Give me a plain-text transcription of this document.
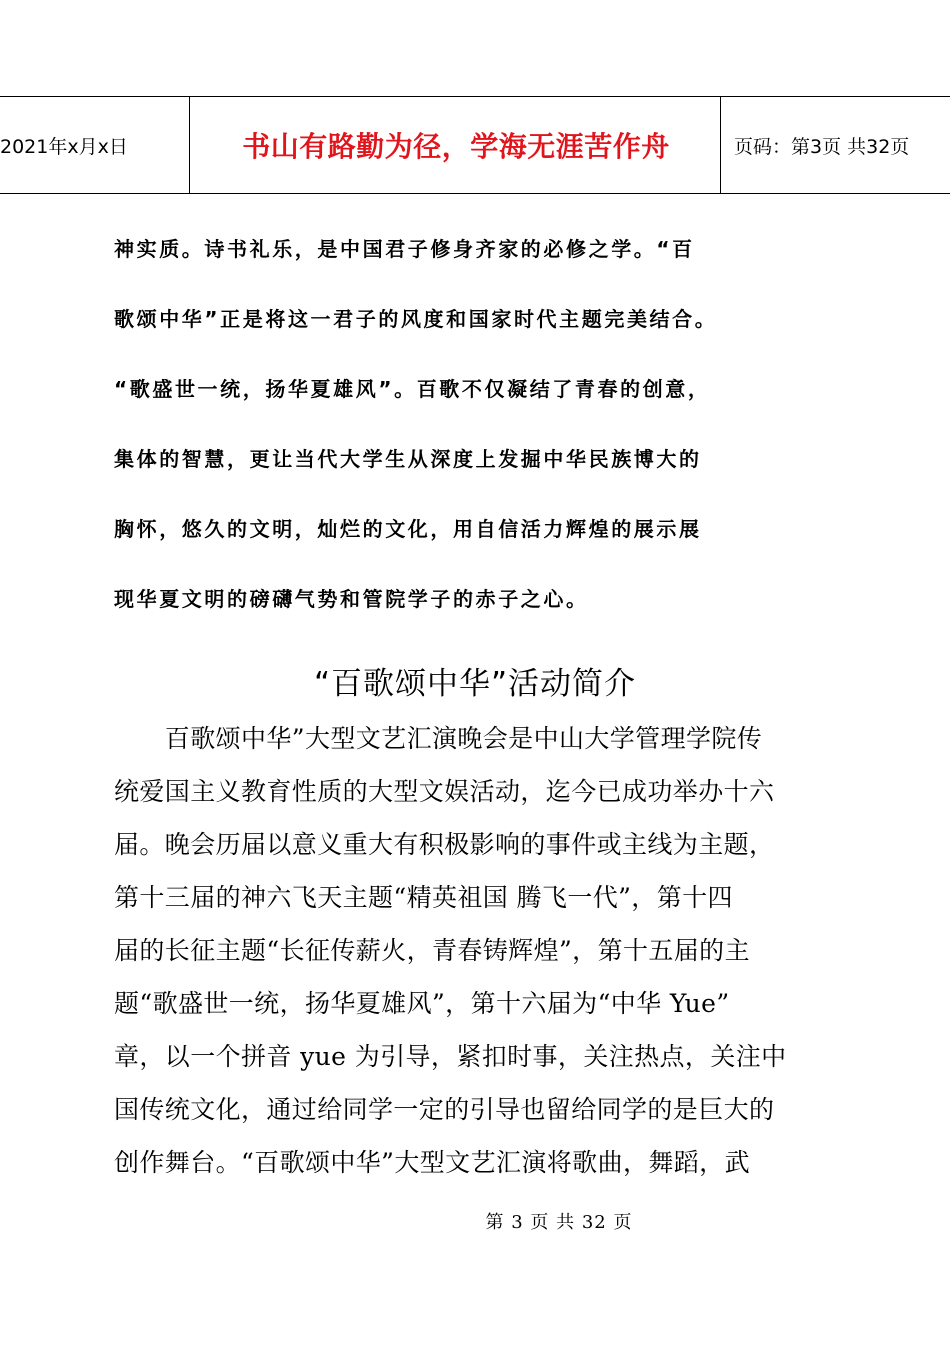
2021年x月x日	书山有路勤为径，学海无涯苦作舟	页码：第3页 共32页
神实质。诗书礼乐，是中国君子修身齐家的必修之学。“百
歌颂中华”正是将这一君子的风度和国家时代主题完美结合。
“歌盛世一统，扬华夏雄风”。百歌不仅凝结了青春的创意，
集体的智慧，更让当代大学生从深度上发掘中华民族博大的
胸怀，悠久的文明，灿烂的文化，用自信活力辉煌的展示展
现华夏文明的磅礴气势和管院学子的赤子之心。
“百歌颂中华”活动简介
　　百歌颂中华”大型文艺汇演晚会是中山大学管理学院传
统爱国主义教育性质的大型文娱活动，迄今已成功举办十六
届。晚会历届以意义重大有积极影响的事件或主线为主题，
第十三届的神六飞天主题“精英祖国 腾飞一代”，第十四
届的长征主题“长征传薪火，青春铸辉煌”，第十五届的主
题“歌盛世一统，扬华夏雄风”，第十六届为“中华 Yue”
章，以一个拼音 yue 为引导，紧扣时事，关注热点，关注中
国传统文化，通过给同学一定的引导也留给同学的是巨大的
创作舞台。“百歌颂中华”大型文艺汇演将歌曲，舞蹈，武
第 3 页 共 32 页
